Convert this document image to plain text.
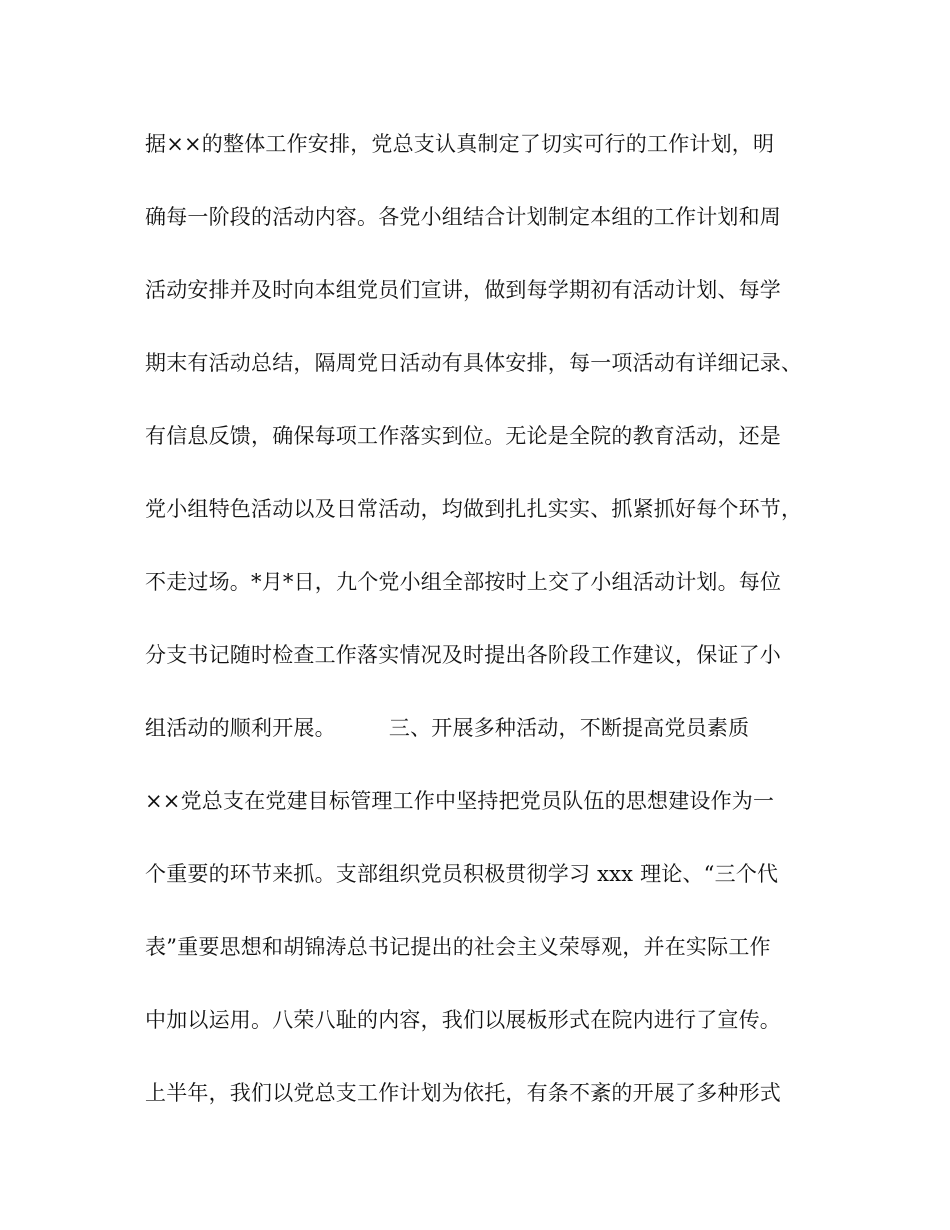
据××的整体工作安排，党总支认真制定了切实可行的工作计划，明
确每一阶段的活动内容。各党小组结合计划制定本组的工作计划和周
活动安排并及时向本组党员们宣讲，做到每学期初有活动计划、每学
期末有活动总结，隔周党日活动有具体安排，每一项活动有详细记录、
有信息反馈，确保每项工作落实到位。无论是全院的教育活动，还是
党小组特色活动以及日常活动，均做到扎扎实实、抓紧抓好每个环节，
不走过场。*月*日，九个党小组全部按时上交了小组活动计划。每位
分支书记随时检查工作落实情况及时提出各阶段工作建议，保证了小
组活动的顺利开展。　　　三、开展多种活动，不断提高党员素质
××党总支在党建目标管理工作中坚持把党员队伍的思想建设作为一
个重要的环节来抓。支部组织党员积极贯彻学习 xxx 理论、“三个代
表”重要思想和胡锦涛总书记提出的社会主义荣辱观，并在实际工作
中加以运用。八荣八耻的内容，我们以展板形式在院内进行了宣传。
上半年，我们以党总支工作计划为依托，有条不紊的开展了多种形式
